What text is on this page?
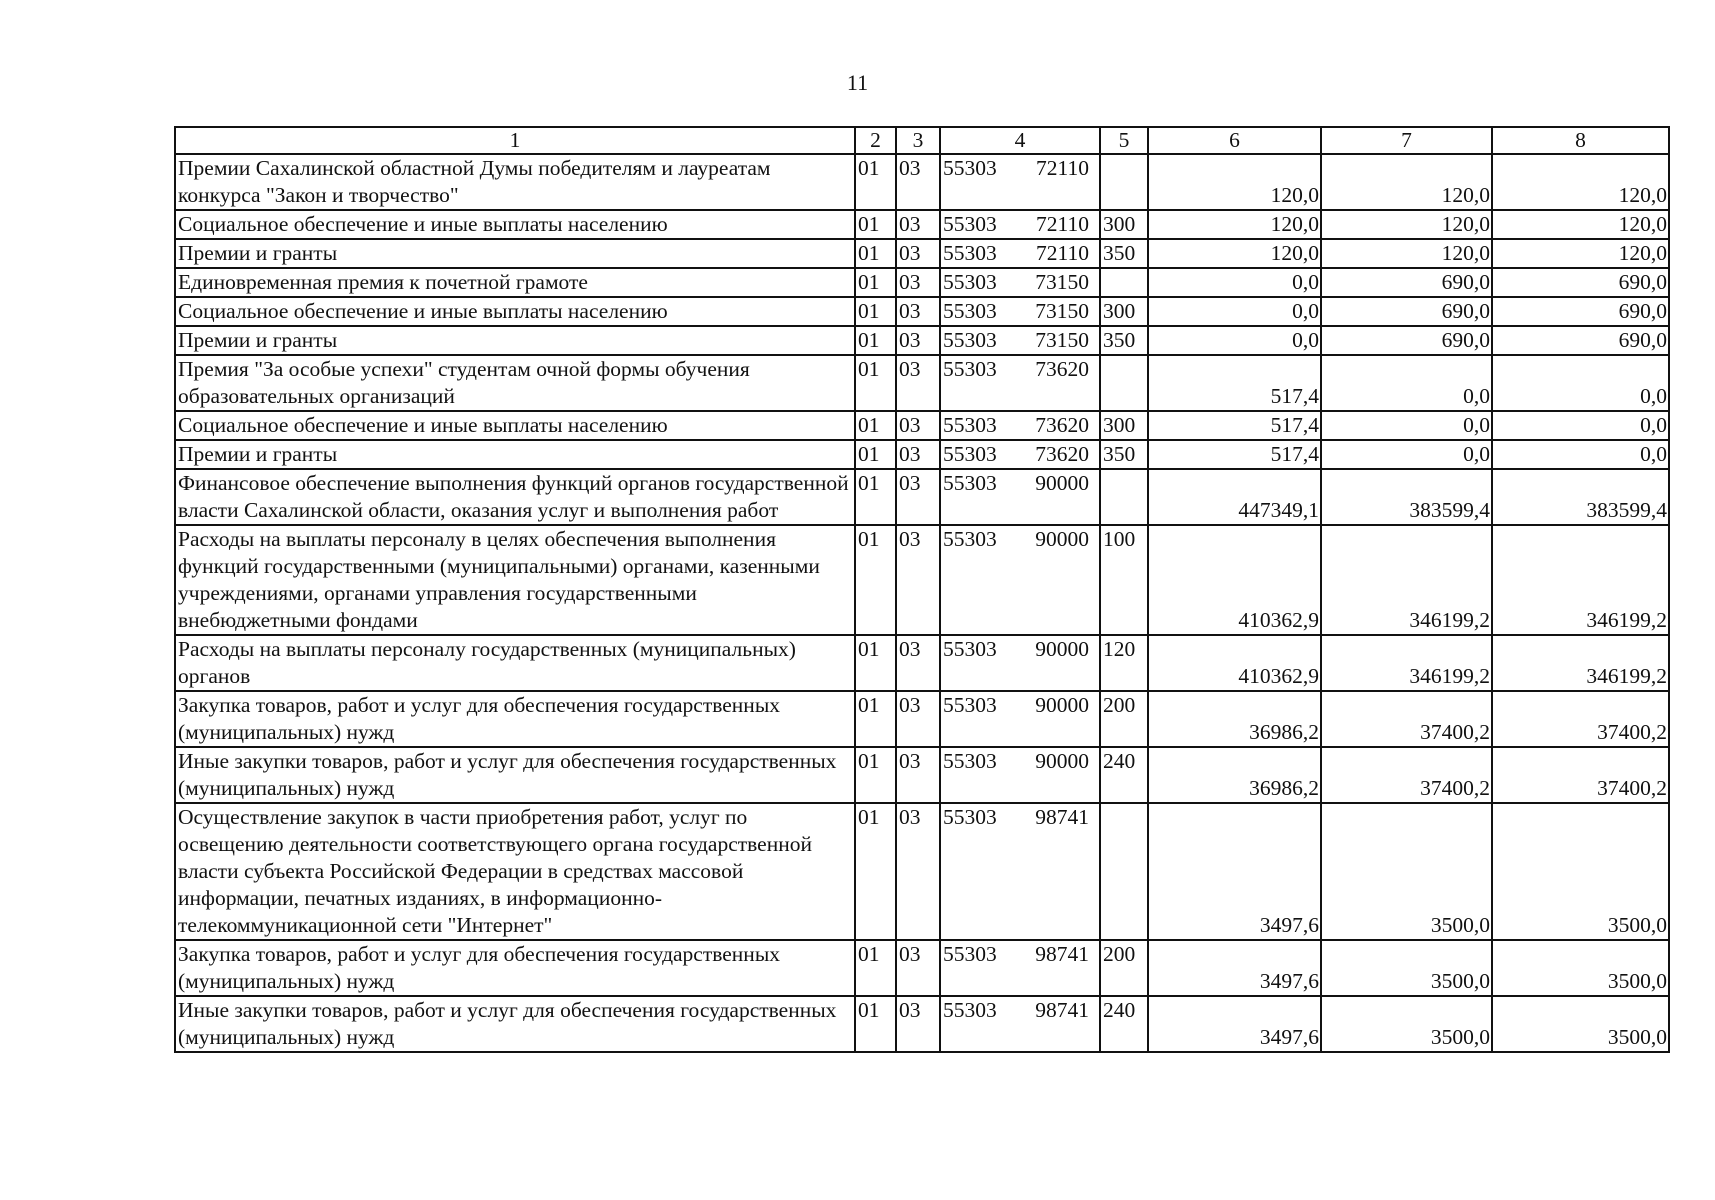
11
1	2	3	4	5	6	7	8
Премии Сахалинской областной Думы победителям и лауреатам конкурса "Закон и творчество"	01	03	55303 72110		120,0	120,0	120,0
Социальное обеспечение и иные выплаты населению	01	03	55303 72110	300	120,0	120,0	120,0
Премии и гранты	01	03	55303 72110	350	120,0	120,0	120,0
Единовременная премия к почетной грамоте	01	03	55303 73150		0,0	690,0	690,0
Социальное обеспечение и иные выплаты населению	01	03	55303 73150	300	0,0	690,0	690,0
Премии и гранты	01	03	55303 73150	350	0,0	690,0	690,0
Премия "За особые успехи" студентам очной формы обучения образовательных организаций	01	03	55303 73620		517,4	0,0	0,0
Социальное обеспечение и иные выплаты населению	01	03	55303 73620	300	517,4	0,0	0,0
Премии и гранты	01	03	55303 73620	350	517,4	0,0	0,0
Финансовое обеспечение выполнения функций органов государственной власти Сахалинской области, оказания услуг и выполнения работ	01	03	55303 90000		447349,1	383599,4	383599,4
Расходы на выплаты персоналу в целях обеспечения выполнения функций государственными (муниципальными) органами, казенными учреждениями, органами управления государственными внебюджетными фондами	01	03	55303 90000	100	410362,9	346199,2	346199,2
Расходы на выплаты персоналу государственных (муниципальных) органов	01	03	55303 90000	120	410362,9	346199,2	346199,2
Закупка товаров, работ и услуг для обеспечения государственных (муниципальных) нужд	01	03	55303 90000	200	36986,2	37400,2	37400,2
Иные закупки товаров, работ и услуг для обеспечения государственных (муниципальных) нужд	01	03	55303 90000	240	36986,2	37400,2	37400,2
Осуществление закупок в части приобретения работ, услуг по освещению деятельности соответствующего органа государственной власти субъекта Российской Федерации в средствах массовой информации, печатных изданиях, в информационно-телекоммуникационной сети "Интернет"	01	03	55303 98741		3497,6	3500,0	3500,0
Закупка товаров, работ и услуг для обеспечения государственных (муниципальных) нужд	01	03	55303 98741	200	3497,6	3500,0	3500,0
Иные закупки товаров, работ и услуг для обеспечения государственных (муниципальных) нужд	01	03	55303 98741	240	3497,6	3500,0	3500,0
